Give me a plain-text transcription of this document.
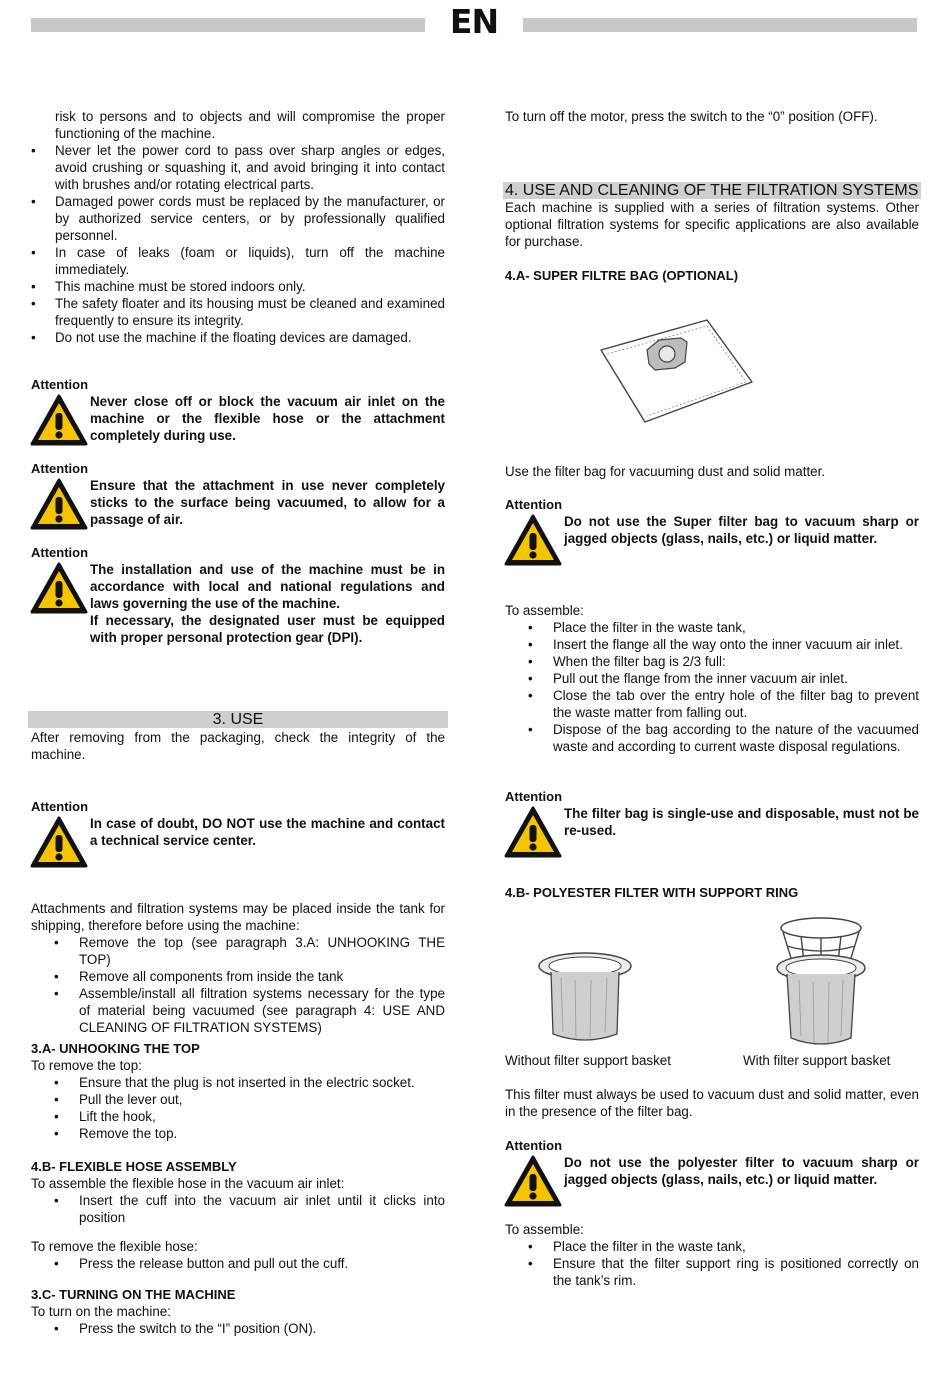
EN

risk to persons and to objects and will compromise the proper functioning of the machine.

• Never let the power cord to pass over sharp angles or edges, avoid crushing or squashing it, and avoid bringing it into contact with brushes and/or rotating electrical parts.
• Damaged power cords must be replaced by the manufacturer, or by authorized service centers, or by professionally qualified personnel.
• In case of leaks (foam or liquids), turn off the machine immediately.
• This machine must be stored indoors only.
• The safety floater and its housing must be cleaned and examined frequently to ensure its integrity.
• Do not use the machine if the floating devices are damaged.
Attention
Never close off or block the vacuum air inlet on the machine or the flexible hose or the attachment completely during use.
Attention
Ensure that the attachment in use never completely sticks to the surface being vacuumed, to allow for a passage of air.
Attention
The installation and use of the machine must be in accordance with local and national regulations and laws governing the use of the machine.
If necessary, the designated user must be equipped with proper personal protection gear (DPI).
3. USE

After removing from the packaging, check the integrity of the machine.

Attention
In case of doubt, DO NOT use the machine and contact a technical service center.

Attachments and filtration systems may be placed inside the tank for shipping, therefore before using the machine:

• Remove the top (see paragraph 3.A: UNHOOKING THE TOP)
• Remove all components from inside the tank
• Assemble/install all filtration systems necessary for the type of material being vacuumed (see paragraph 4: USE AND CLEANING OF FILTRATION SYSTEMS)
3.A- UNHOOKING THE TOP

To remove the top:

• Ensure that the plug is not inserted in the electric socket.
• Pull the lever out,
• Lift the hook,
• Remove the top.
4.B- FLEXIBLE HOSE ASSEMBLY

To assemble the flexible hose in the vacuum air inlet:

• Insert the cuff into the vacuum air inlet until it clicks into position

To remove the flexible hose:

• Press the release button and pull out the cuff.
3.C- TURNING ON THE MACHINE

To turn on the machine:

• Press the switch to the “I” position (ON).

To turn off the motor, press the switch to the “0” position (OFF).

4. USE AND CLEANING OF THE FILTRATION SYSTEMS

Each machine is supplied with a series of filtration systems. Other optional filtration systems for specific applications are also available for purchase.

4.A- SUPER FILTRE BAG (OPTIONAL)

Use the filter bag for vacuuming dust and solid matter.

Attention
Do not use the Super filter bag to vacuum sharp or jagged objects (glass, nails, etc.) or liquid matter.

To assemble:

• Place the filter in the waste tank,
• Insert the flange all the way onto the inner vacuum air inlet.
• When the filter bag is 2/3 full:
• Pull out the flange from the inner vacuum air inlet.
• Close the tab over the entry hole of the filter bag to prevent the waste matter from falling out.
• Dispose of the bag according to the nature of the vacuumed waste and according to current waste disposal regulations.
Attention
The filter bag is single-use and disposable, must not be re-used.
4.B- POLYESTER FILTER WITH SUPPORT RING
Without filter support basket	With filter support basket

This filter must always be used to vacuum dust and solid matter, even in the presence of the filter bag.

Attention
Do not use the polyester filter to vacuum sharp or jagged objects (glass, nails, etc.) or liquid matter.

To assemble:

• Place the filter in the waste tank,
• Ensure that the filter support ring is positioned correctly on the tank’s rim.
